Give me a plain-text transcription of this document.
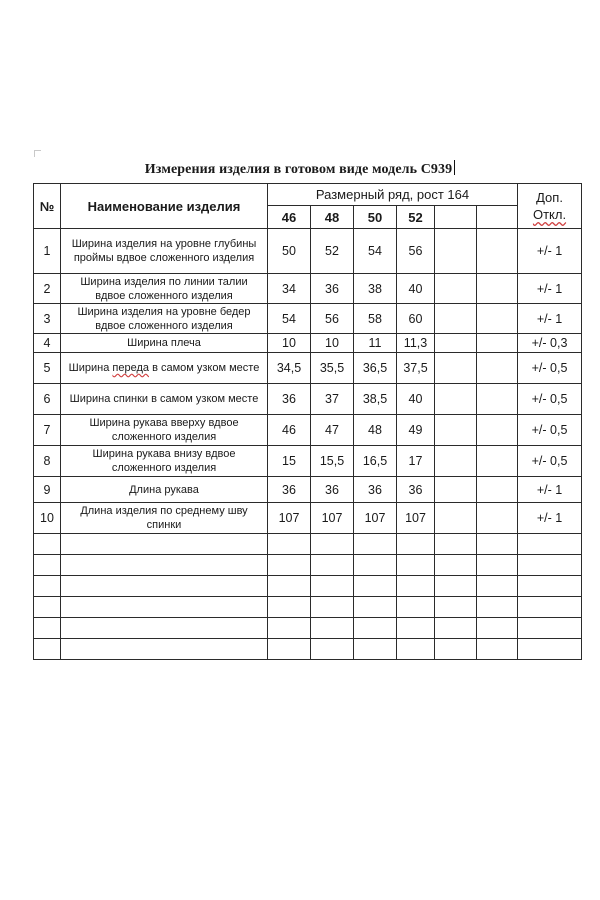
Измерения изделия в готовом виде модель С939
№	Наименование изделия	Размерный ряд, рост 164						Доп.
Откл.

		46	48	50	52			
1	Ширина изделия на уровне глубины проймы вдвое сложенного изделия	50	52	54	56			+/- 1
2	Ширина изделия по линии талии вдвое сложенного изделия	34	36	38	40			+/- 1
3	Ширина изделия на уровне бедер вдвое сложенного изделия	54	56	58	60			+/- 1
4	Ширина плеча	10	10	11	11,3			+/- 0,3
5	Ширина переда в самом узком месте	34,5	35,5	36,5	37,5			+/- 0,5
6	Ширина спинки в самом узком месте	36	37	38,5	40			+/- 0,5
7	Ширина рукава вверху вдвое сложенного изделия	46	47	48	49			+/- 0,5
8	Ширина рукава внизу вдвое сложенного изделия	15	15,5	16,5	17			+/- 0,5
9	Длина рукава	36	36	36	36			+/- 1
10	Длина изделия по среднему шву спинки	107	107	107	107			+/- 1
